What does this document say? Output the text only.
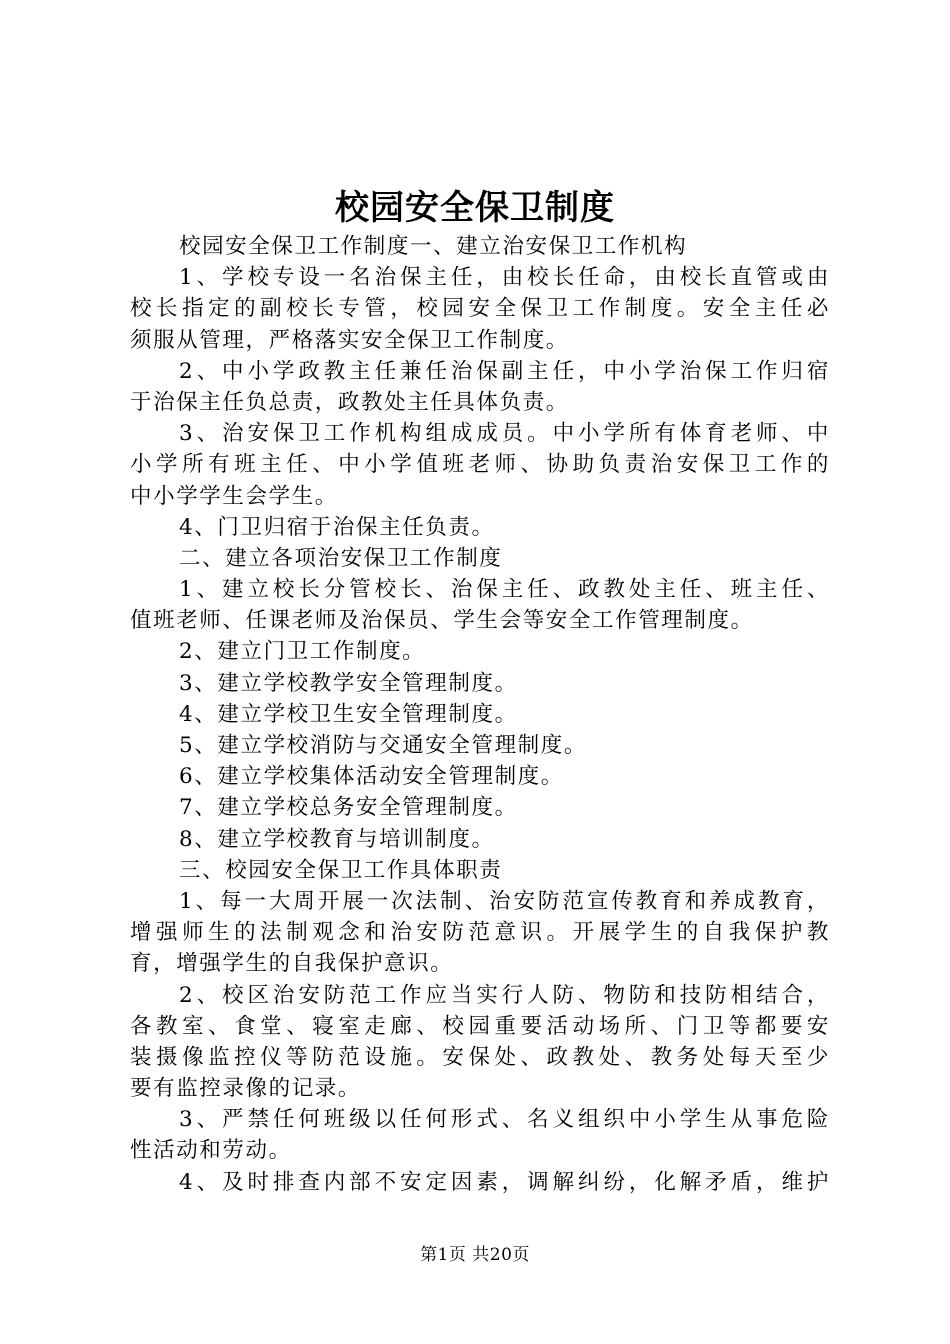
校园安全保卫制度
校园安全保卫工作制度一、建立治安保卫工作机构
1、学校专设一名治保主任，由校长任命，由校长直管或由
校长指定的副校长专管，校园安全保卫工作制度。安全主任必
须服从管理，严格落实安全保卫工作制度。
2、中小学政教主任兼任治保副主任，中小学治保工作归宿
于治保主任负总责，政教处主任具体负责。
3、治安保卫工作机构组成成员。中小学所有体育老师、中
小学所有班主任、中小学值班老师、协助负责治安保卫工作的
中小学学生会学生。
4、门卫归宿于治保主任负责。
二、建立各项治安保卫工作制度
1、建立校长分管校长、治保主任、政教处主任、班主任、
值班老师、任课老师及治保员、学生会等安全工作管理制度。
2、建立门卫工作制度。
3、建立学校教学安全管理制度。
4、建立学校卫生安全管理制度。
5、建立学校消防与交通安全管理制度。
6、建立学校集体活动安全管理制度。
7、建立学校总务安全管理制度。
8、建立学校教育与培训制度。
三、校园安全保卫工作具体职责
1、每一大周开展一次法制、治安防范宣传教育和养成教育，
增强师生的法制观念和治安防范意识。开展学生的自我保护教
育，增强学生的自我保护意识。
2、校区治安防范工作应当实行人防、物防和技防相结合，
各教室、食堂、寝室走廊、校园重要活动场所、门卫等都要安
装摄像监控仪等防范设施。安保处、政教处、教务处每天至少
要有监控录像的记录。
3、严禁任何班级以任何形式、名义组织中小学生从事危险
性活动和劳动。
4、及时排查内部不安定因素，调解纠纷，化解矛盾，维护
第1页 共20页
